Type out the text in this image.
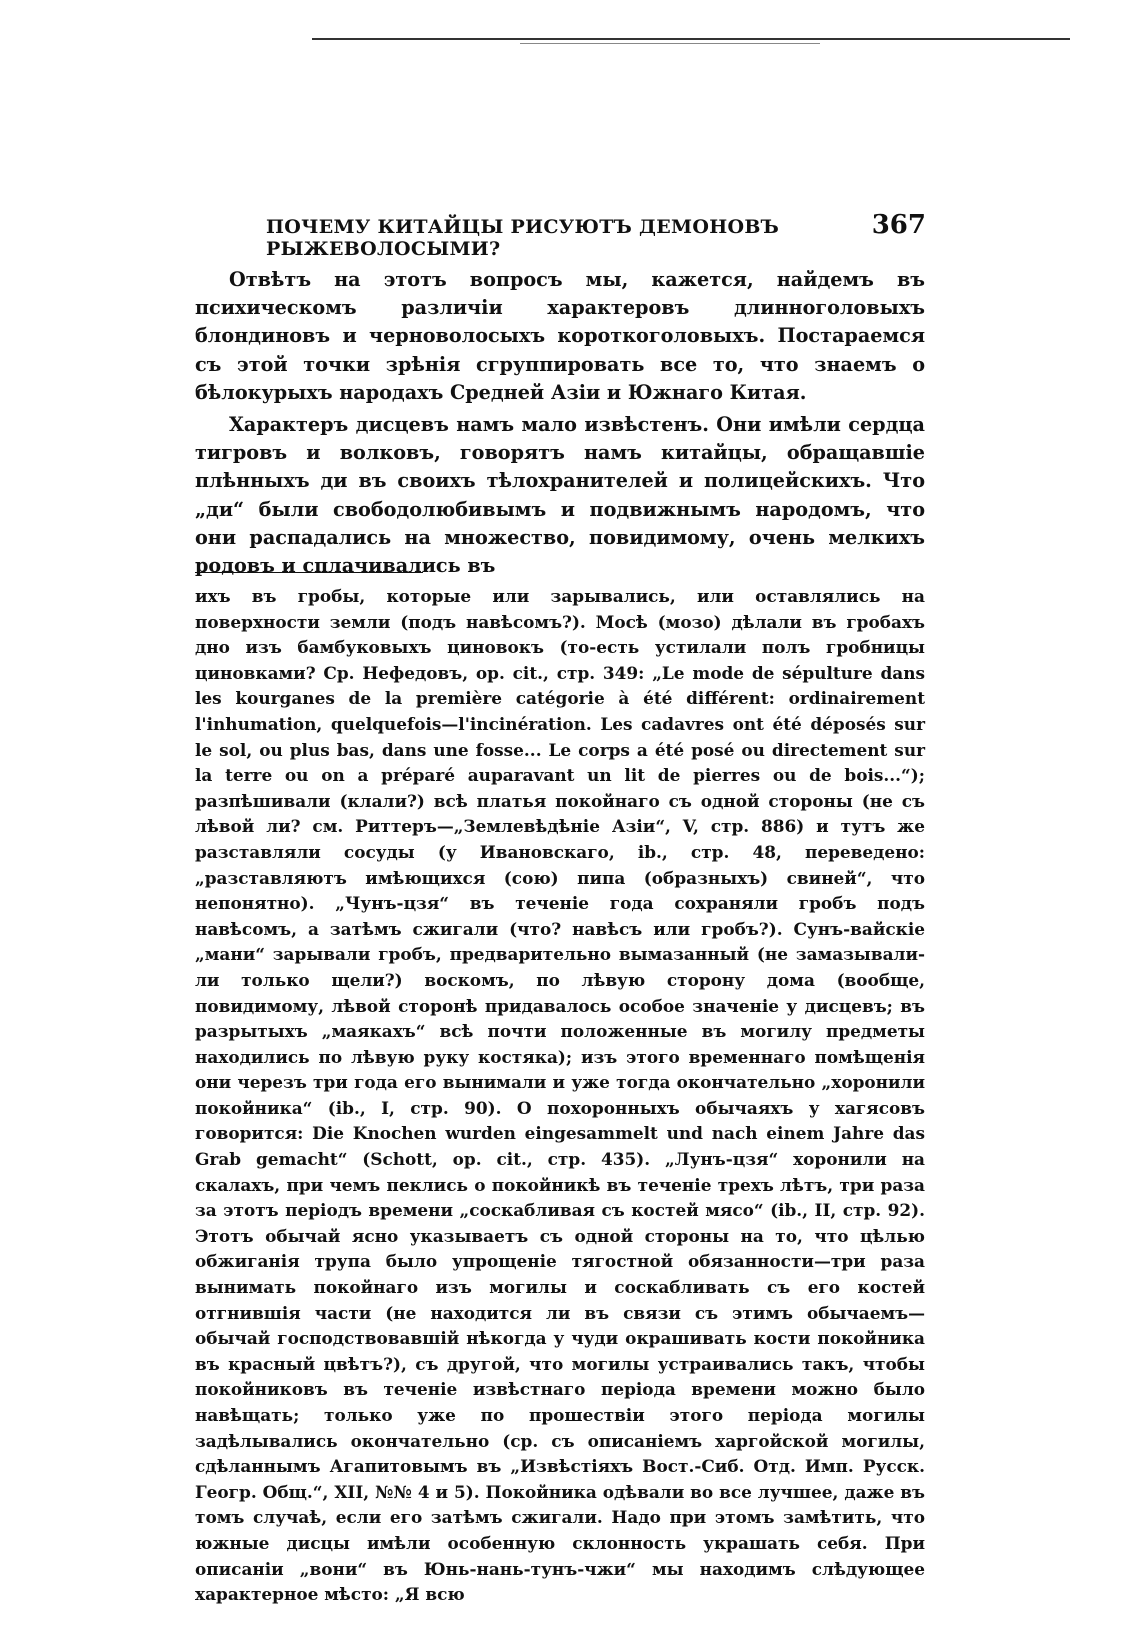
ПОЧЕМУ КИТАЙЦЫ РИСУЮТЪ ДЕМОНОВЪ РЫЖЕВОЛОСЫМИ?
367

Отвѣтъ на этотъ вопросъ мы, кажется, найдемъ въ психическомъ различіи характеровъ длинноголовыхъ блондиновъ и черноволосыхъ короткоголовыхъ. Постараемся съ этой точки зрѣнія сгруппировать все то, что знаемъ о бѣлокурыхъ народахъ Средней Азіи и Южнаго Китая.

Характеръ дисцевъ намъ мало извѣстенъ. Они имѣли сердца тигровъ и волковъ, говорятъ намъ китайцы, обращавшіе плѣнныхъ ди въ своихъ тѣлохранителей и полицейскихъ. Что „ди“ были свободолюбивымъ и подвижнымъ народомъ, что они распадались на множество, повидимому, очень мелкихъ родовъ и сплачивались въ

ихъ въ гробы, которые или зарывались, или оставлялись на поверхности земли (подъ навѣсомъ?). Мосѣ (мозо) дѣлали въ гробахъ дно изъ бамбуковыхъ циновокъ (то-есть устилали полъ гробницы циновками? Ср. Нефедовъ, op. cit., стр. 349: „Le mode de sépulture dans les kourganes de la première catégorie à été différent: ordinairement l'inhumation, quelquefois—l'incinération. Les cadavres ont été déposés sur le sol, ou plus bas, dans une fosse... Le corps a été posé ou directement sur la terre ou on a préparé auparavant un lit de pierres ou de bois...“); разпѣшивали (клали?) всѣ платья покойнаго съ одной стороны (не съ лѣвой ли? см. Риттеръ—„Землевѣдѣніе Азіи“, V, стр. 886) и тутъ же разставляли сосуды (у Ивановскаго, ib., стр. 48, переведено: „разставляютъ имѣющихся (сою) пипа (образныхъ) свиней“, что непонятно). „Чунъ-цзя“ въ теченіе года сохраняли гробъ подъ навѣсомъ, а затѣмъ сжигали (что? навѣсъ или гробъ?). Сунъ-вайскіе „мани“ зарывали гробъ, предварительно вымазанный (не замазывали-ли только щели?) воскомъ, по лѣвую сторону дома (вообще, повидимому, лѣвой сторонѣ придавалось особое значеніе у дисцевъ; въ разрытыхъ „маякахъ“ всѣ почти положенные въ могилу предметы находились по лѣвую руку костяка); изъ этого временнаго помѣщенія они черезъ три года его вынимали и уже тогда окончательно „хоронили покойника“ (ib., I, стр. 90). О похоронныхъ обычаяхъ у хагясовъ говорится: Die Knochen wurden eingesammelt und nach einem Jahre das Grab gemacht“ (Schott, op. cit., стр. 435). „Лунъ-цзя“ хоронили на скалахъ, при чемъ пеклись о покойникѣ въ теченіе трехъ лѣтъ, три раза за этотъ періодъ времени „соскабливая съ костей мясо“ (ib., II, стр. 92). Этотъ обычай ясно указываетъ съ одной стороны на то, что цѣлью обжиганія трупа было упрощеніе тягостной обязанности—три раза вынимать покойнаго изъ могилы и соскабливать съ его костей отгнившія части (не находится ли въ связи съ этимъ обычаемъ—обычай господствовавшій нѣкогда у чуди окрашивать кости покойника въ красный цвѣтъ?), съ другой, что могилы устраивались такъ, чтобы покойниковъ въ теченіе извѣстнаго періода времени можно было навѣщать; только уже по прошествіи этого періода могилы задѣлывались окончательно (ср. съ описаніемъ харгойской могилы, сдѣланнымъ Агапитовымъ въ „Извѣстіяхъ Вост.-Сиб. Отд. Имп. Русск. Геогр. Общ.“, XII, №№ 4 и 5). Покойника одѣвали во все лучшее, даже въ томъ случаѣ, если его затѣмъ сжигали. Надо при этомъ замѣтить, что южные дисцы имѣли особенную склонность украшать себя. При описаніи „вони“ въ Юнь-нань-тунъ-чжи“ мы находимъ слѣдующее характерное мѣсто: „Я всю
